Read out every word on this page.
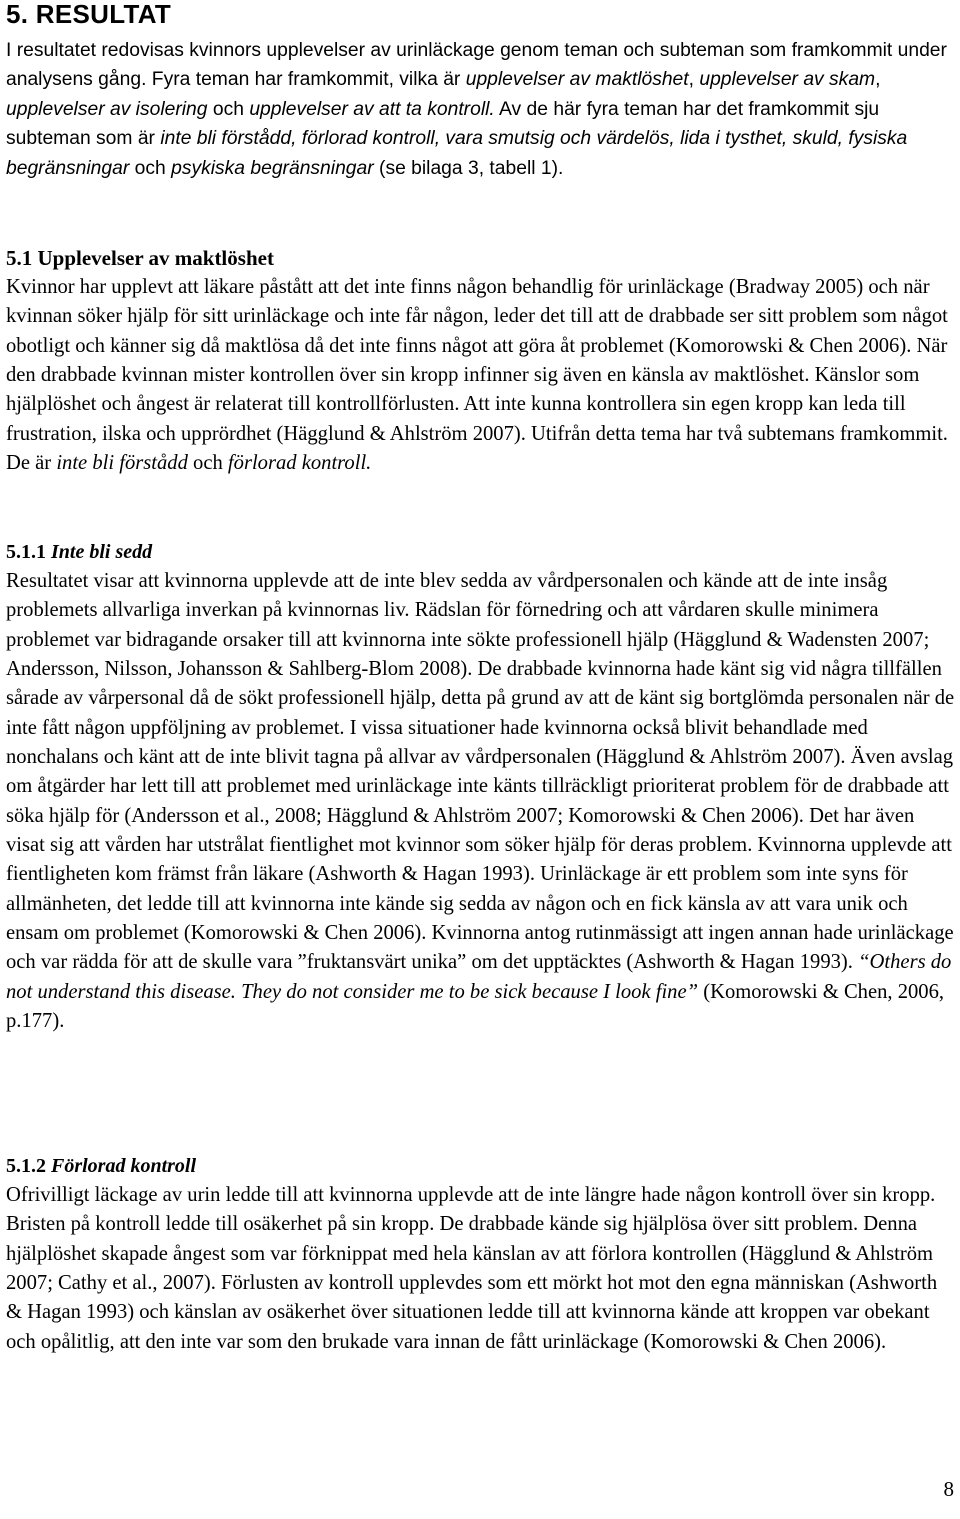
5. RESULTAT

I resultatet redovisas kvinnors upplevelser av urinläckage genom teman och subteman som framkommit under analysens gång. Fyra teman har framkommit, vilka är upplevelser av maktlöshet, upplevelser av skam, upplevelser av isolering och upplevelser av att ta kontroll. Av de här fyra teman har det framkommit sju subteman som är inte bli förstådd, förlorad kontroll, vara smutsig och värdelös, lida i tysthet, skuld, fysiska begränsningar och psykiska begränsningar (se bilaga 3, tabell 1).

5.1 Upplevelser av maktlöshet

Kvinnor har upplevt att läkare påstått att det inte finns någon behandlig för urinläckage (Bradway 2005) och när kvinnan söker hjälp för sitt urinläckage och inte får någon, leder det till att de drabbade ser sitt problem som något obotligt och känner sig då maktlösa då det inte finns något att göra åt problemet (Komorowski & Chen 2006). När den drabbade kvinnan mister kontrollen över sin kropp infinner sig även en känsla av maktlöshet. Känslor som hjälplöshet och ångest är relaterat till kontrollförlusten. Att inte kunna kontrollera sin egen kropp kan leda till frustration, ilska och upprördhet (Hägglund & Ahlström 2007). Utifrån detta tema har två subtemans framkommit. De är inte bli förstådd och förlorad kontroll.

5.1.1 Inte bli sedd

Resultatet visar att kvinnorna upplevde att de inte blev sedda av vårdpersonalen och kände att de inte insåg problemets allvarliga inverkan på kvinnornas liv. Rädslan för förnedring och att vårdaren skulle minimera problemet var bidragande orsaker till att kvinnorna inte sökte professionell hjälp (Hägglund & Wadensten 2007; Andersson, Nilsson, Johansson & Sahlberg-Blom 2008). De drabbade kvinnorna hade känt sig vid några tillfällen sårade av vårpersonal då de sökt professionell hjälp, detta på grund av att de känt sig bortglömda personalen när de inte fått någon uppföljning av problemet. I vissa situationer hade kvinnorna också blivit behandlade med nonchalans och känt att de inte blivit tagna på allvar av vårdpersonalen (Hägglund & Ahlström 2007). Även avslag om åtgärder har lett till att problemet med urinläckage inte känts tillräckligt prioriterat problem för de drabbade att söka hjälp för (Andersson et al., 2008; Hägglund & Ahlström 2007; Komorowski & Chen 2006). Det har även visat sig att vården har utstrålat fientlighet mot kvinnor som söker hjälp för deras problem. Kvinnorna upplevde att fientligheten kom främst från läkare (Ashworth & Hagan 1993). Urinläckage är ett problem som inte syns för allmänheten, det ledde till att kvinnorna inte kände sig sedda av någon och en fick känsla av att vara unik och ensam om problemet (Komorowski & Chen 2006). Kvinnorna antog rutinmässigt att ingen annan hade urinläckage och var rädda för att de skulle vara ”fruktansvärt unika” om det upptäcktes (Ashworth & Hagan 1993). “Others do not understand this disease. They do not consider me to be sick because I look fine” (Komorowski & Chen, 2006, p.177).

5.1.2 Förlorad kontroll

Ofrivilligt läckage av urin ledde till att kvinnorna upplevde att de inte längre hade någon kontroll över sin kropp. Bristen på kontroll ledde till osäkerhet på sin kropp. De drabbade kände sig hjälplösa över sitt problem. Denna hjälplöshet skapade ångest som var förknippat med hela känslan av att förlora kontrollen (Hägglund & Ahlström 2007; Cathy et al., 2007). Förlusten av kontroll upplevdes som ett mörkt hot mot den egna människan (Ashworth & Hagan 1993) och känslan av osäkerhet över situationen ledde till att kvinnorna kände att kroppen var obekant och opålitlig, att den inte var som den brukade vara innan de fått urinläckage (Komorowski & Chen 2006).

8
